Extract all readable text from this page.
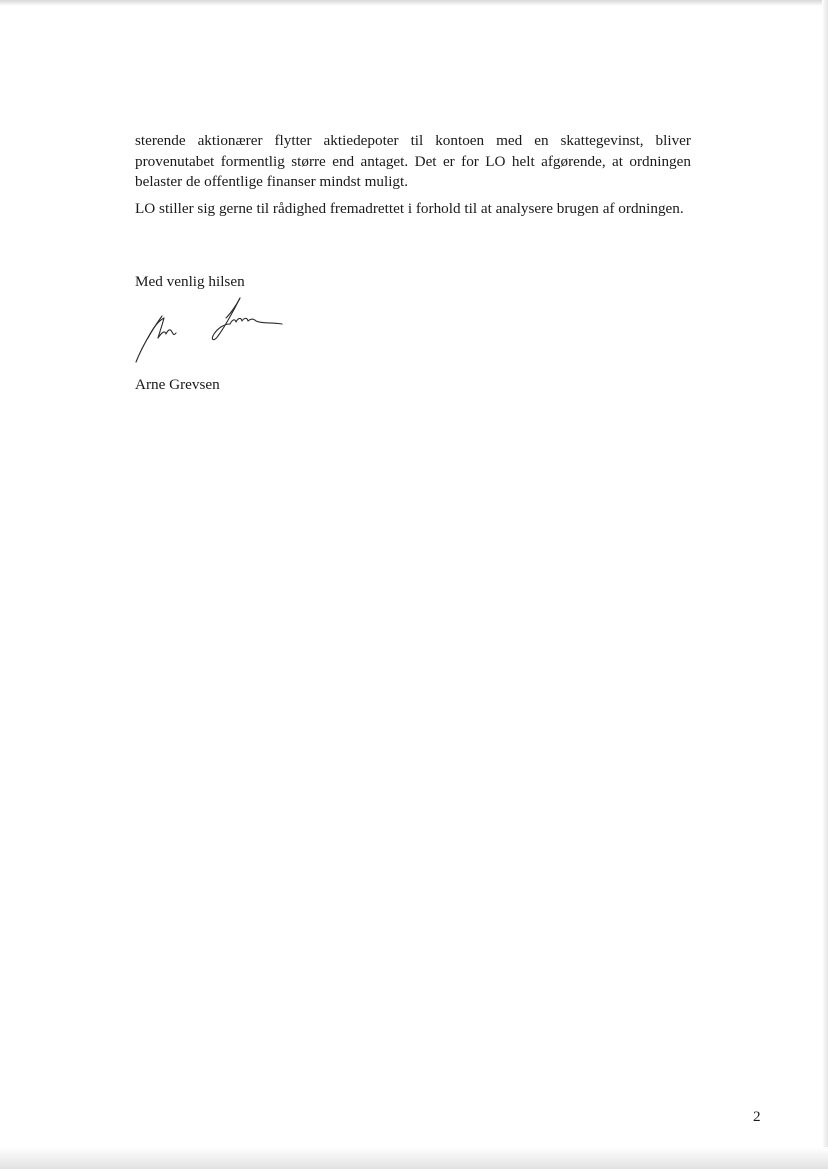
sterende aktionærer flytter aktiedepoter til kontoen med en skattegevinst, bliver provenutabet formentlig større end antaget. Det er for LO helt afgørende, at ordningen belaster de offentlige finanser mindst muligt.

LO stiller sig gerne til rådighed fremadrettet i forhold til at analysere brugen af ordningen.

Med venlig hilsen
Arne Grevsen
2
